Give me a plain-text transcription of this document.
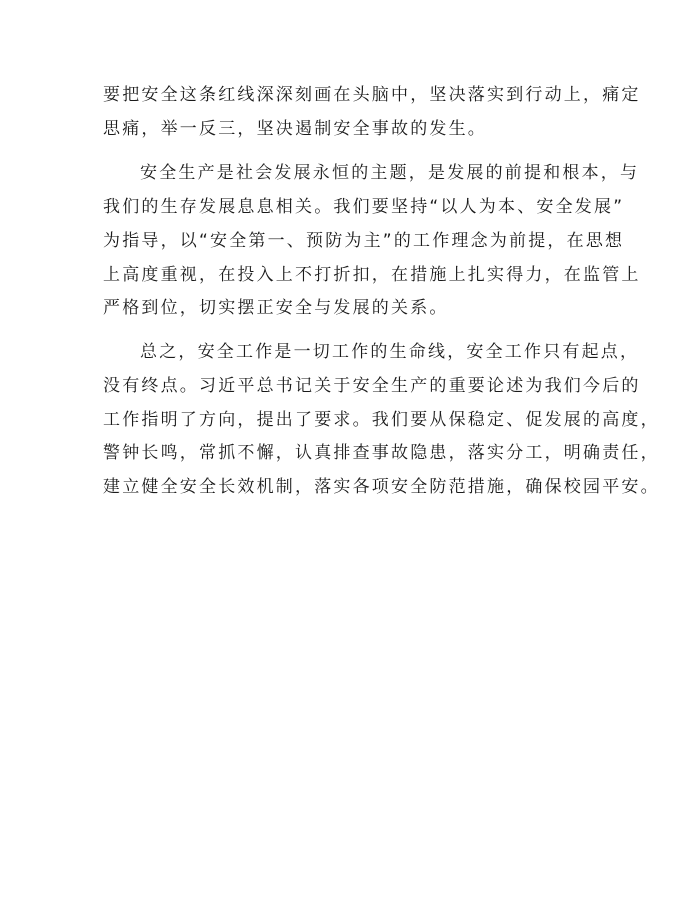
要把安全这条红线深深刻画在头脑中，坚决落实到行动上，痛定

思痛，举一反三，坚决遏制安全事故的发生。

安全生产是社会发展永恒的主题，是发展的前提和根本，与

我们的生存发展息息相关。我们要坚持“以人为本、安全发展”

为指导，以“安全第一、预防为主”的工作理念为前提，在思想

上高度重视，在投入上不打折扣，在措施上扎实得力，在监管上

严格到位，切实摆正安全与发展的关系。

总之，安全工作是一切工作的生命线，安全工作只有起点，

没有终点。习近平总书记关于安全生产的重要论述为我们今后的

工作指明了方向，提出了要求。我们要从保稳定、促发展的高度，

警钟长鸣，常抓不懈，认真排查事故隐患，落实分工，明确责任，

建立健全安全长效机制，落实各项安全防范措施，确保校园平安。
